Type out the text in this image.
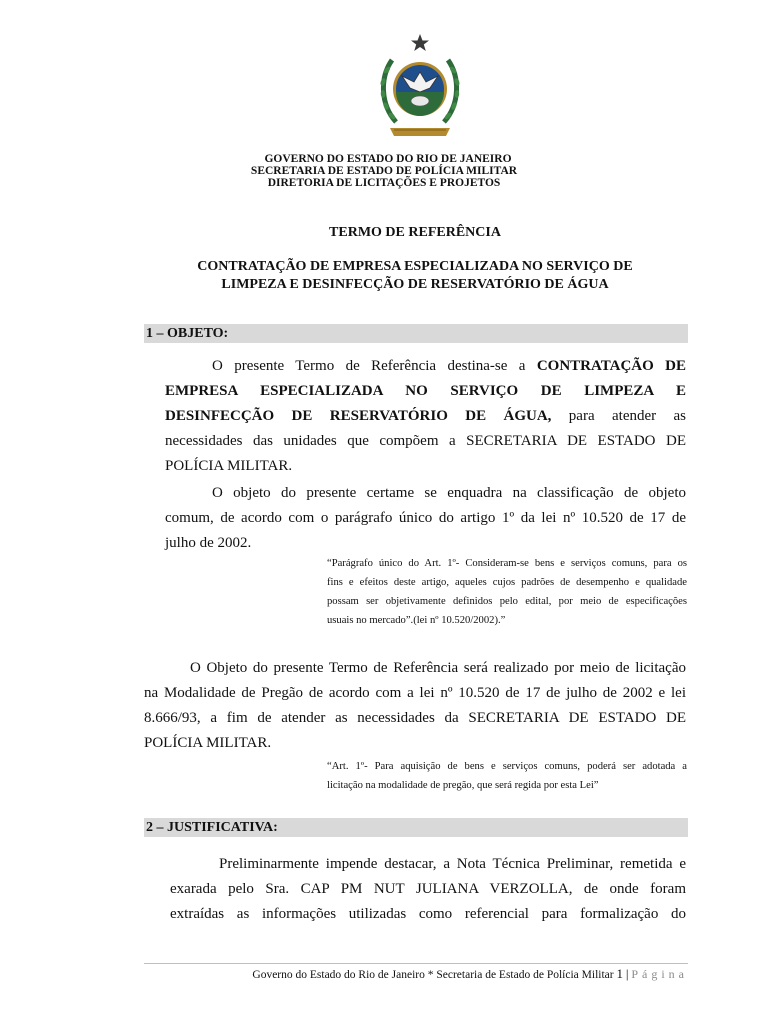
GOVERNO DO ESTADO DO RIO DE JANEIRO
SECRETARIA DE ESTADO DE POLÍCIA MILITAR
DIRETORIA DE LICITAÇÕES E PROJETOS
TERMO DE REFERÊNCIA
CONTRATAÇÃO DE EMPRESA ESPECIALIZADA NO SERVIÇO DE
LIMPEZA E DESINFECÇÃO DE RESERVATÓRIO DE ÁGUA
1 – OBJETO:
O presente Termo de Referência destina-se a CONTRATAÇÃO DE
EMPRESA ESPECIALIZADA NO SERVIÇO DE LIMPEZA E
DESINFECÇÃO DE RESERVATÓRIO DE ÁGUA, para atender as
necessidades das unidades que compõem a SECRETARIA DE ESTADO DE
POLÍCIA MILITAR.
O objeto do presente certame se enquadra na classificação de objeto
comum, de acordo com o parágrafo único do artigo 1º da lei nº 10.520 de 17 de
julho de 2002.
“Parágrafo único do Art. 1º- Consideram-se bens e serviços comuns, para os
fins e efeitos deste artigo, aqueles cujos padrões de desempenho e qualidade
possam ser objetivamente definidos pelo edital, por meio de especificações
usuais no mercado”.(lei nº 10.520/2002).”
O Objeto do presente Termo de Referência será realizado por meio de licitação
na Modalidade de Pregão de acordo com a lei nº 10.520 de 17 de julho de 2002 e lei
8.666/93, a fim de atender as necessidades da SECRETARIA DE ESTADO DE
POLÍCIA MILITAR.
“Art. 1º- Para aquisição de bens e serviços comuns, poderá ser adotada a
licitação na modalidade de pregão, que será regida por esta Lei”
2 – JUSTIFICATIVA:
Preliminarmente impende destacar, a Nota Técnica Preliminar, remetida e
exarada pelo Sra. CAP PM NUT JULIANA VERZOLLA, de onde foram
extraídas as informações utilizadas como referencial para formalização do
Governo do Estado do Rio de Janeiro * Secretaria de Estado de Polícia Militar 1 | Página
